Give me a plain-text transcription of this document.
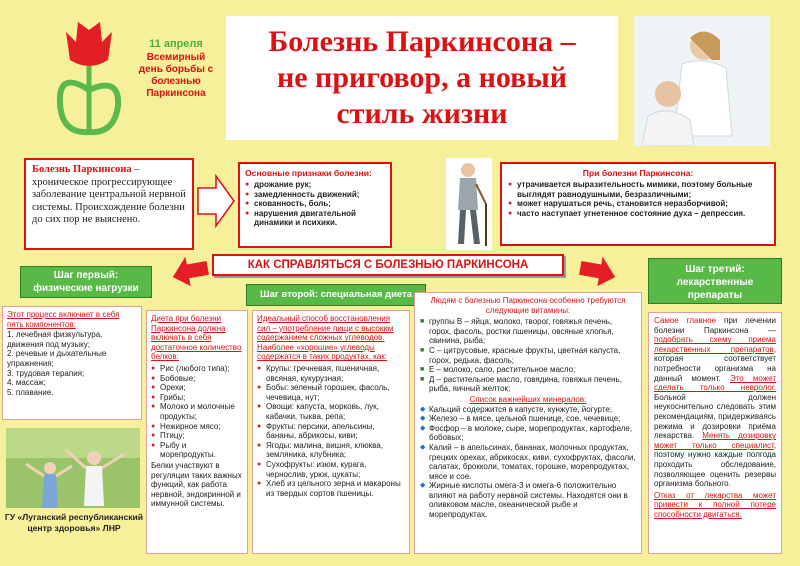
11 апреля
Всемирный день борьбы с болезнью Паркинсона
Болезнь Паркинсона –
не приговор, а новый
стиль жизни
Болезнь Паркинсона – хроническое прогрессирующее заболевание центральной нервной системы. Происхождение болезни до сих пор не выяснено.
Основные признаки болезни:
● дрожание рук;
● замедленность движений;
● скованность, боль;
● нарушения двигательной динамики и психики.
При болезни Паркинсона:
● утрачивается выразительность мимики, поэтому больные выглядят равнодушными, безразличными;
● может нарушаться речь, становится неразборчивой;
● часто наступает угнетенное состояние духа – депрессия.
КАК СПРАВЛЯТЬСЯ С БОЛЕЗНЬЮ ПАРКИНСОНА
Шаг первый:
физические нагрузки
Этот процесс включает в себя пять компонентов:
1. лечебная физкультура, движения под музыку;
2. речевые и дыхательные упражнения;
3. трудовая терапия;
4. массаж;
5. плавание.
ГУ «Луганский республиканский центр здоровья» ЛНР
Шаг второй: специальная диета
Диета при болезни Паркинсона должна включать в себя достаточное количество белков:
● Рис (любого типа);
● Бобовые;
● Орехи;
● Грибы;
● Молоко и молочные продукты;
● Нежирное мясо;
● Птицу;
● Рыбу и морепродукты.
Белки участвуют в регуляции таких важных функций, как работа нервной, эндокринной и иммунной системы.
Идеальный способ восстановления сил – употребление пищи с высоким содержанием сложных углеводов. Наиболее «хорошие» углеводы содержатся в таких продуктах, как:
● Крупы: гречневая, пшеничная, овсяная, кукурузная;
● Бобы: зеленый горошек, фасоль, чечевица, нут;
● Овощи: капуста, морковь, лук, кабачки, тыква, репа;
● Фрукты: персики, апельсины, бананы, абрикосы, киви;
● Ягоды: малина, вишня, клюква, земляника, клубника;
● Сухофрукты: изюм, курага, чернослив, урюк, цукаты;
● Хлеб из цельного зерна и макароны из твердых сортов пшеницы.
Людям с болезнью Паркинсона особенно требуются следующие витамины:
■ группы В – яйца, молоко, творог, говяжья печень, горох, фасоль, ростки пшеницы, овсяные хлопья, свинина, рыба;
■ С – цитрусовые, красные фрукты, цветная капуста, горох, редька, фасоль;
■ Е – молоко, сало, растительное масло;
■ Д – растительное масло, говядина, говяжья печень, рыба, яичный желток;
Список важнейших минералов:
◆ Кальций содержится в капусте, кунжуте, йогурте;
◆ Железо – в мясе, цельной пшенице, сое, чечевице;
◆ Фосфор – в молоке, сыре, морепродуктах, картофеле, бобовых;
◆ Калий – в апельсинах, бананах, молочных продуктах, грецких орехах, абрикосах, киви, сухофруктах, фасоли, салатах, брокколи, томатах, горошке, морепродуктах, мясе и сое.
◆ Жирные кислоты омега-3 и омега-6 положительно влияют на работу нервной системы. Находятся они в оливковом масле, океанической рыбе и морепродуктах.
Шаг третий:
лекарственные препараты
Самое главное при лечении болезни Паркинсона — подобрать схему приема лекарственных препаратов, которая соответствует потребности организма на данный момент. Это может сделать только невролог. Больной должен неукоснительно следовать этим рекомендациям, придерживаясь режима и дозировки приёма лекарства. Менять дозировку может только специалист, поэтому нужно каждые полгода проходить обследование, позволяющее оценить резервы организма больного.
Отказ от лекарства может привести к полной потере способности двигаться.
